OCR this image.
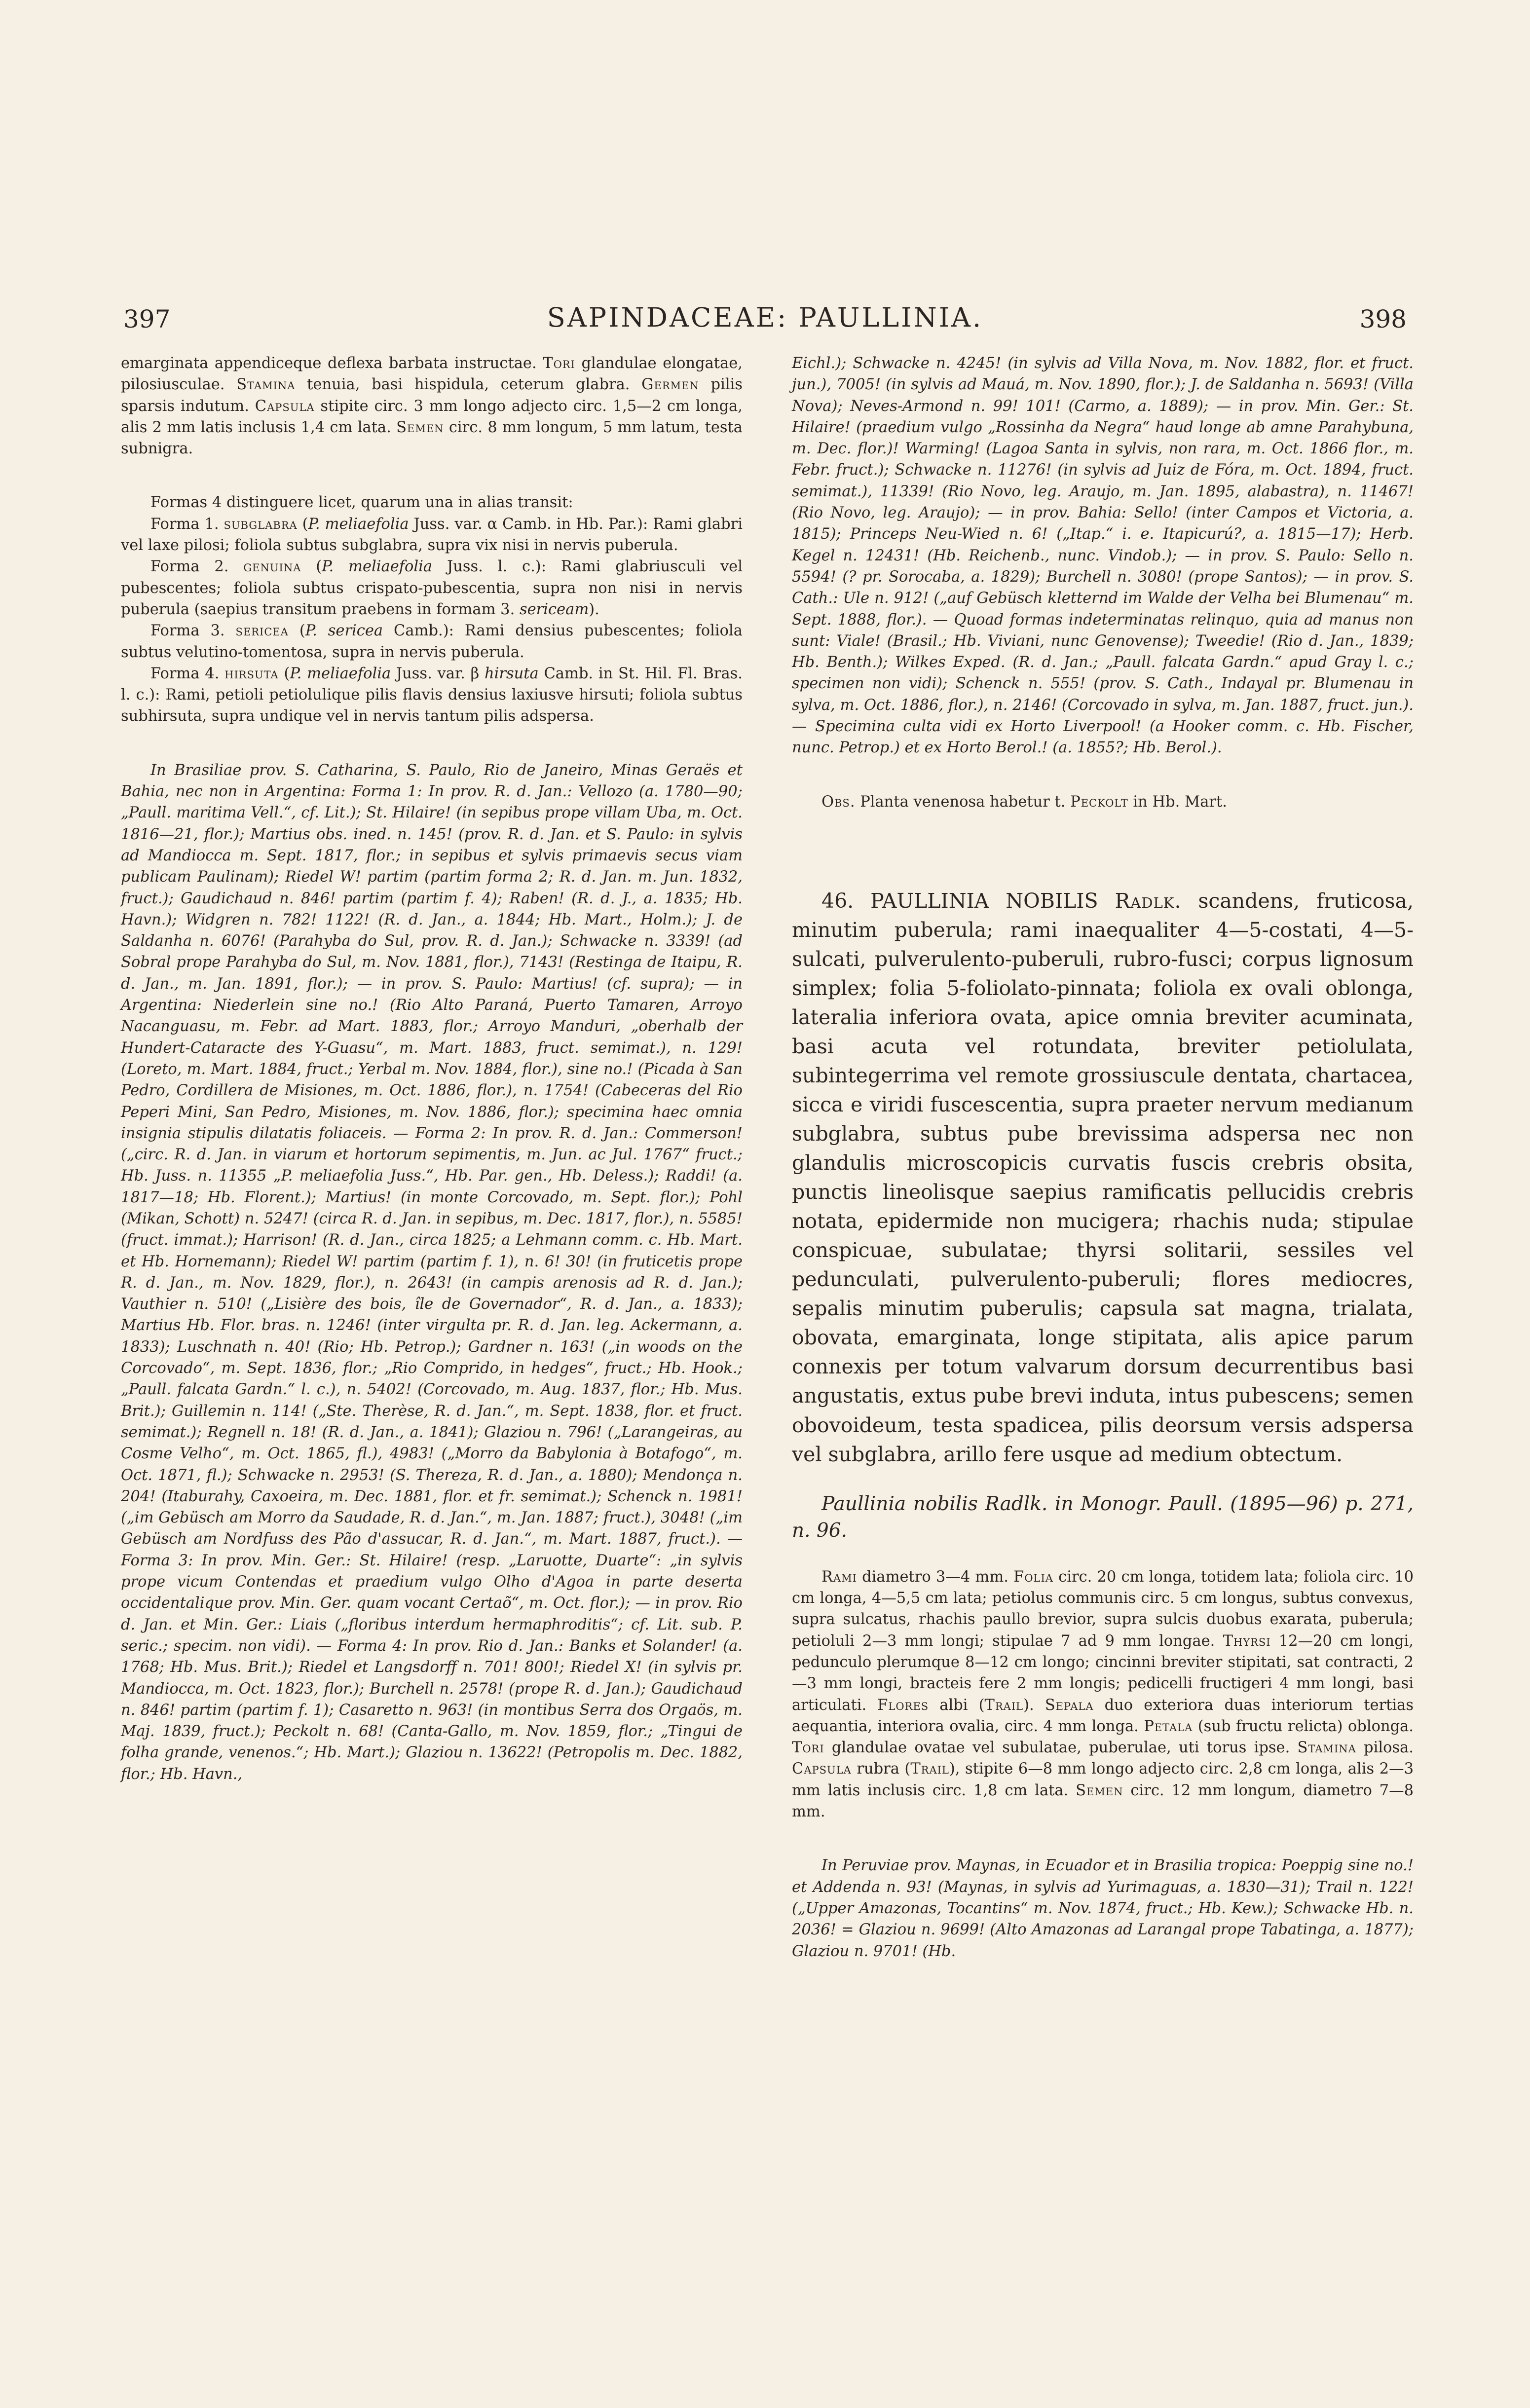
397	SAPINDACEAE: PAULLINIA.	398

emarginata appendiceque deflexa barbata instructae. Tori glandulae elongatae, pilosiusculae. Stamina tenuia, basi hispidula, ceterum glabra. Germen pilis sparsis indutum. Capsula stipite circ. 3 mm longo adjecto circ. 1,5—2 cm longa, alis 2 mm latis inclusis 1,4 cm lata. Semen circ. 8 mm longum, 5 mm latum, testa subnigra.

Formas 4 distinguere licet, quarum una in alias transit:

Forma 1. subglabra (P. meliaefolia Juss. var. α Camb. in Hb. Par.): Rami glabri vel laxe pilosi; foliola subtus subglabra, supra vix nisi in nervis puberula.

Forma 2. genuina (P. meliaefolia Juss. l. c.): Rami glabriusculi vel pubescentes; foliola subtus crispato-pubescentia, supra non nisi in nervis puberula (saepius transitum praebens in formam 3. sericeam).

Forma 3. sericea (P. sericea Camb.): Rami densius pubescentes; foliola subtus velutino-tomentosa, supra in nervis puberula.

Forma 4. hirsuta (P. meliaefolia Juss. var. β hirsuta Camb. in St. Hil. Fl. Bras. l. c.): Rami, petioli petiolulique pilis flavis densius laxiusve hirsuti; foliola subtus subhirsuta, supra undique vel in nervis tantum pilis adspersa.

In Brasiliae prov. S. Catharina, S. Paulo, Rio de Janeiro, Minas Geraës et Bahia, nec non in Argentina: Forma 1: In prov. R. d. Jan.: Vellozo (a. 1780—90; „Paull. maritima Vell.“, cf. Lit.); St. Hilaire! (in sepibus prope villam Uba, m. Oct. 1816—21, flor.); Martius obs. ined. n. 145! (prov. R. d. Jan. et S. Paulo: in sylvis ad Mandiocca m. Sept. 1817, flor.; in sepibus et sylvis primaevis secus viam publicam Paulinam); Riedel W! partim (partim forma 2; R. d. Jan. m. Jun. 1832, fruct.); Gaudichaud n. 846! partim (partim f. 4); Raben! (R. d. J., a. 1835; Hb. Havn.); Widgren n. 782! 1122! (R. d. Jan., a. 1844; Hb. Mart., Holm.); J. de Saldanha n. 6076! (Parahyba do Sul, prov. R. d. Jan.); Schwacke n. 3339! (ad Sobral prope Parahyba do Sul, m. Nov. 1881, flor.), 7143! (Restinga de Itaipu, R. d. Jan., m. Jan. 1891, flor.); — in prov. S. Paulo: Martius! (cf. supra); — in Argentina: Niederlein sine no.! (Rio Alto Paraná, Puerto Tamaren, Arroyo Nacanguasu, m. Febr. ad Mart. 1883, flor.; Arroyo Manduri, „oberhalb der Hundert-Cataracte des Y-Guasu“, m. Mart. 1883, fruct. semimat.), n. 129! (Loreto, m. Mart. 1884, fruct.; Yerbal m. Nov. 1884, flor.), sine no.! (Picada à San Pedro, Cordillera de Misiones, m. Oct. 1886, flor.), n. 1754! (Cabeceras del Rio Peperi Mini, San Pedro, Misiones, m. Nov. 1886, flor.); specimina haec omnia insignia stipulis dilatatis foliaceis. — Forma 2: In prov. R. d. Jan.: Commerson! („circ. R. d. Jan. in viarum et hortorum sepimentis, m. Jun. ac Jul. 1767“ fruct.; Hb. Juss. n. 11355 „P. meliaefolia Juss.“, Hb. Par. gen., Hb. Deless.); Raddi! (a. 1817—18; Hb. Florent.); Martius! (in monte Corcovado, m. Sept. flor.); Pohl (Mikan, Schott) n. 5247! (circa R. d. Jan. in sepibus, m. Dec. 1817, flor.), n. 5585! (fruct. immat.); Harrison! (R. d. Jan., circa 1825; a Lehmann comm. c. Hb. Mart. et Hb. Hornemann); Riedel W! partim (partim f. 1), n. 6! 30! (in fruticetis prope R. d. Jan., m. Nov. 1829, flor.), n. 2643! (in campis arenosis ad R. d. Jan.); Vauthier n. 510! („Lisière des bois, île de Governador“, R. d. Jan., a. 1833); Martius Hb. Flor. bras. n. 1246! (inter virgulta pr. R. d. Jan. leg. Ackermann, a. 1833); Luschnath n. 40! (Rio; Hb. Petrop.); Gardner n. 163! („in woods on the Corcovado“, m. Sept. 1836, flor.; „Rio Comprido, in hedges“, fruct.; Hb. Hook.; „Paull. falcata Gardn.“ l. c.), n. 5402! (Corcovado, m. Aug. 1837, flor.; Hb. Mus. Brit.); Guillemin n. 114! („Ste. Therèse, R. d. Jan.“, m. Sept. 1838, flor. et fruct. semimat.); Regnell n. 18! (R. d. Jan., a. 1841); Glaziou n. 796! („Larangeiras, au Cosme Velho“, m. Oct. 1865, fl.), 4983! („Morro da Babylonia à Botafogo“, m. Oct. 1871, fl.); Schwacke n. 2953! (S. Thereza, R. d. Jan., a. 1880); Mendonça n. 204! (Itaburahy, Caxoeira, m. Dec. 1881, flor. et fr. semimat.); Schenck n. 1981! („im Gebüsch am Morro da Saudade, R. d. Jan.“, m. Jan. 1887; fruct.), 3048! („im Gebüsch am Nordfuss des Pão d'assucar, R. d. Jan.“, m. Mart. 1887, fruct.). — Forma 3: In prov. Min. Ger.: St. Hilaire! (resp. „Laruotte, Duarte“: „in sylvis prope vicum Contendas et praedium vulgo Olho d'Agoa in parte deserta occidentalique prov. Min. Ger. quam vocant Certaõ“, m. Oct. flor.); — in prov. Rio d. Jan. et Min. Ger.: Liais („floribus interdum hermaphroditis“; cf. Lit. sub. P. seric.; specim. non vidi). — Forma 4: In prov. Rio d. Jan.: Banks et Solander! (a. 1768; Hb. Mus. Brit.); Riedel et Langsdorff n. 701! 800!; Riedel X! (in sylvis pr. Mandiocca, m. Oct. 1823, flor.); Burchell n. 2578! (prope R. d. Jan.); Gaudichaud n. 846! partim (partim f. 1); Casaretto n. 963! (in montibus Serra dos Orgaös, m. Maj. 1839, fruct.); Peckolt n. 68! (Canta-Gallo, m. Nov. 1859, flor.; „Tingui de folha grande, venenos.“; Hb. Mart.); Glaziou n. 13622! (Petropolis m. Dec. 1882, flor.; Hb. Havn.,

Eichl.); Schwacke n. 4245! (in sylvis ad Villa Nova, m. Nov. 1882, flor. et fruct. jun.), 7005! (in sylvis ad Mauá, m. Nov. 1890, flor.); J. de Saldanha n. 5693! (Villa Nova); Neves-Armond n. 99! 101! (Carmo, a. 1889); — in prov. Min. Ger.: St. Hilaire! (praedium vulgo „Rossinha da Negra“ haud longe ab amne Parahybuna, m. Dec. flor.)! Warming! (Lagoa Santa in sylvis, non rara, m. Oct. 1866 flor., m. Febr. fruct.); Schwacke n. 11276! (in sylvis ad Juiz de Fóra, m. Oct. 1894, fruct. semimat.), 11339! (Rio Novo, leg. Araujo, m. Jan. 1895, alabastra), n. 11467! (Rio Novo, leg. Araujo); — in prov. Bahia: Sello! (inter Campos et Victoria, a. 1815); Princeps Neu-Wied n. 6! („Itap.“ i. e. Itapicurú?, a. 1815—17); Herb. Kegel n. 12431! (Hb. Reichenb., nunc. Vindob.); — in prov. S. Paulo: Sello n. 5594! (? pr. Sorocaba, a. 1829); Burchell n. 3080! (prope Santos); — in prov. S. Cath.: Ule n. 912! („auf Gebüsch kletternd im Walde der Velha bei Blumenau“ m. Sept. 1888, flor.). — Quoad formas indeterminatas relinquo, quia ad manus non sunt: Viale! (Brasil.; Hb. Viviani, nunc Genovense); Tweedie! (Rio d. Jan., 1839; Hb. Benth.); Wilkes Exped. (R. d. Jan.; „Paull. falcata Gardn.“ apud Gray l. c.; specimen non vidi); Schenck n. 555! (prov. S. Cath., Indayal pr. Blumenau in sylva, m. Oct. 1886, flor.), n. 2146! (Corcovado in sylva, m. Jan. 1887, fruct. jun.). — Specimina culta vidi ex Horto Liverpool! (a Hooker comm. c. Hb. Fischer, nunc. Petrop.) et ex Horto Berol.! (a. 1855?; Hb. Berol.).

Obs. Planta venenosa habetur t. Peckolt in Hb. Mart.

46. PAULLINIA NOBILIS Radlk. scandens, fruticosa, minutim puberula; rami inaequaliter 4—5-costati, 4—5-sulcati, pulverulento-puberuli, rubro-fusci; corpus lignosum simplex; folia 5-foliolato-pinnata; foliola ex ovali oblonga, lateralia inferiora ovata, apice omnia breviter acuminata, basi acuta vel rotundata, breviter petiolulata, subintegerrima vel remote grossiuscule dentata, chartacea, sicca e viridi fuscescentia, supra praeter nervum medianum subglabra, subtus pube brevissima adspersa nec non glandulis microscopicis curvatis fuscis crebris obsita, punctis lineolisque saepius ramificatis pellucidis crebris notata, epidermide non mucigera; rhachis nuda; stipulae conspicuae, subulatae; thyrsi solitarii, sessiles vel pedunculati, pulverulento-puberuli; flores mediocres, sepalis minutim puberulis; capsula sat magna, trialata, obovata, emarginata, longe stipitata, alis apice parum connexis per totum valvarum dorsum decurrentibus basi angustatis, extus pube brevi induta, intus pubescens; semen obovoideum, testa spadicea, pilis deorsum versis adspersa vel subglabra, arillo fere usque ad medium obtectum.

Paullinia nobilis Radlk. in Monogr. Paull. (1895—96) p. 271, n. 96.

Rami diametro 3—4 mm. Folia circ. 20 cm longa, totidem lata; foliola circ. 10 cm longa, 4—5,5 cm lata; petiolus communis circ. 5 cm longus, subtus convexus, supra sulcatus, rhachis paullo brevior, supra sulcis duobus exarata, puberula; petioluli 2—3 mm longi; stipulae 7 ad 9 mm longae. Thyrsi 12—20 cm longi, pedunculo plerumque 8—12 cm longo; cincinni breviter stipitati, sat contracti, 2—3 mm longi, bracteis fere 2 mm longis; pedicelli fructigeri 4 mm longi, basi articulati. Flores albi (Trail). Sepala duo exteriora duas interiorum tertias aequantia, interiora ovalia, circ. 4 mm longa. Petala (sub fructu relicta) oblonga. Tori glandulae ovatae vel subulatae, puberulae, uti torus ipse. Stamina pilosa. Capsula rubra (Trail), stipite 6—8 mm longo adjecto circ. 2,8 cm longa, alis 2—3 mm latis inclusis circ. 1,8 cm lata. Semen circ. 12 mm longum, diametro 7—8 mm.

In Peruviae prov. Maynas, in Ecuador et in Brasilia tropica: Poeppig sine no.! et Addenda n. 93! (Maynas, in sylvis ad Yurimaguas, a. 1830—31); Trail n. 122! („Upper Amazonas, Tocantins“ m. Nov. 1874, fruct.; Hb. Kew.); Schwacke Hb. n. 2036! = Glaziou n. 9699! (Alto Amazonas ad Larangal prope Tabatinga, a. 1877); Glaziou n. 9701! (Hb.
